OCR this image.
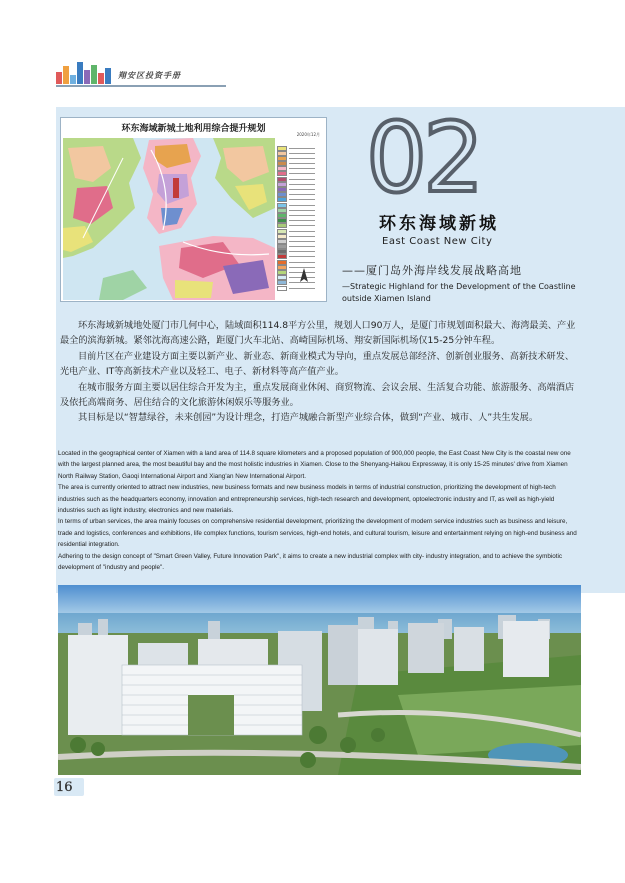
翔安区投资手册
环东海域新城土地利用综合提升规划
2020年12月 02
环东海域新城
East Coast New City
——厦门岛外海岸线发展战略高地
—Strategic Highland for the Development of the Coastline outside Xiamen Island

环东海域新城地处厦门市几何中心，陆域面积114.8平方公里，规划人口90万人，是厦门市规划面积最大、海湾最美、产业最全的滨海新城。紧邻沈海高速公路，距厦门火车北站、高崎国际机场、翔安新国际机场仅15-25分钟车程。

目前片区在产业建设方面主要以新产业、新业态、新商业模式为导向，重点发展总部经济、创新创业服务、高新技术研发、光电产业、IT等高新技术产业以及轻工、电子、新材料等高产值产业。

在城市服务方面主要以居住综合开发为主，重点发展商业休闲、商贸物流、会议会展、生活复合功能、旅游服务、高端酒店及依托高端商务、居住结合的文化旅游休闲娱乐等服务业。

其目标是以“智慧绿谷，未来创园”为设计理念，打造产城融合新型产业综合体，做到“产业、城市、人”共生发展。

Located in the geographical center of Xiamen with a land area of 114.8 square kilometers and a proposed population of 900,000 people, the East Coast New City is the coastal new one with the largest planned area, the most beautiful bay and the most holistic industries in Xiamen. Close to the Shenyang-Haikou Expressway, it is only 15-25 minutes' drive from Xiamen North Railway Station, Gaoqi International Airport and Xiang'an New International Airport.

The area is currently oriented to attract new industries, new business formats and new business models in terms of industrial construction, prioritizing the development of high-tech industries such as the headquarters economy, innovation and entrepreneurship services, high-tech research and development, optoelectronic industry and IT, as well as high-yield industries such as light industry, electronics and new materials.

In terms of urban services, the area mainly focuses on comprehensive residential development, prioritizing the development of modern service industries such as business and leisure, trade and logistics, conferences and exhibitions, life complex functions, tourism services, high-end hotels, and cultural tourism, leisure and entertainment relying on high-end business and residential integration.

Adhering to the design concept of "Smart Green Valley, Future Innovation Park", it aims to create a new industrial complex with city- industry integration, and to achieve the symbiotic development of "industry and people".

16
